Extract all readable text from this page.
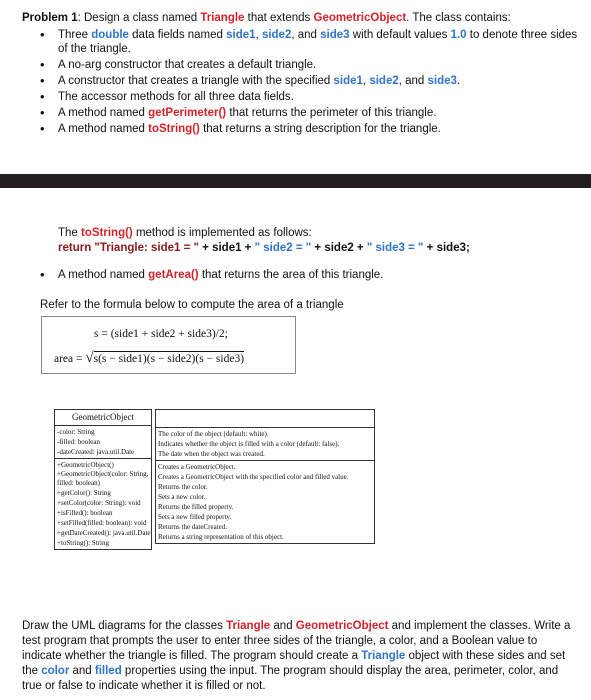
Problem 1: Design a class named Triangle that extends GeometricObject. The class contains:
• Three double data fields named side1, side2, and side3 with default values 1.0 to denote three sides of the triangle.
• A no-arg constructor that creates a default triangle.
• A constructor that creates a triangle with the specified side1, side2, and side3.
• The accessor methods for all three data fields.
• A method named getPerimeter() that returns the perimeter of this triangle.
• A method named toString() that returns a string description for the triangle.
The toString() method is implemented as follows:
return "Triangle: side1 = " + side1 + " side2 = " + side2 + " side3 = " + side3;
• A method named getArea() that returns the area of this triangle.
Refer to the formula below to compute the area of a triangle
s = (side1 + side2 + side3)/2;
area = √s(s − side1)(s − side2)(s − side3)
GeometricObject
-color: String
-filled: boolean
-dateCreated: java.util.Date
+GeometricObject()
+GeometricObject(color: String, filled: boolean)
+getColor(): String
+setColor(color: String): void
+isFilled(): boolean
+setFilled(filled: boolean): void
+getDateCreated(): java.util.Date
+toString(): String

The color of the object (default: white).
Indicates whether the object is filled with a color (default: false).
The date when the object was created.
Creates a GeometricObject.
Creates a GeometricObject with the specified color and filled value.
Returns the color.
Sets a new color.
Returns the filled property.
Sets a new filled property.
Returns the dateCreated.
Returns a string representation of this object.
Draw the UML diagrams for the classes Triangle and GeometricObject and implement the classes. Write a test program that prompts the user to enter three sides of the triangle, a color, and a Boolean value to indicate whether the triangle is filled. The program should create a Triangle object with these sides and set the color and filled properties using the input. The program should display the area, perimeter, color, and true or false to indicate whether it is filled or not.
